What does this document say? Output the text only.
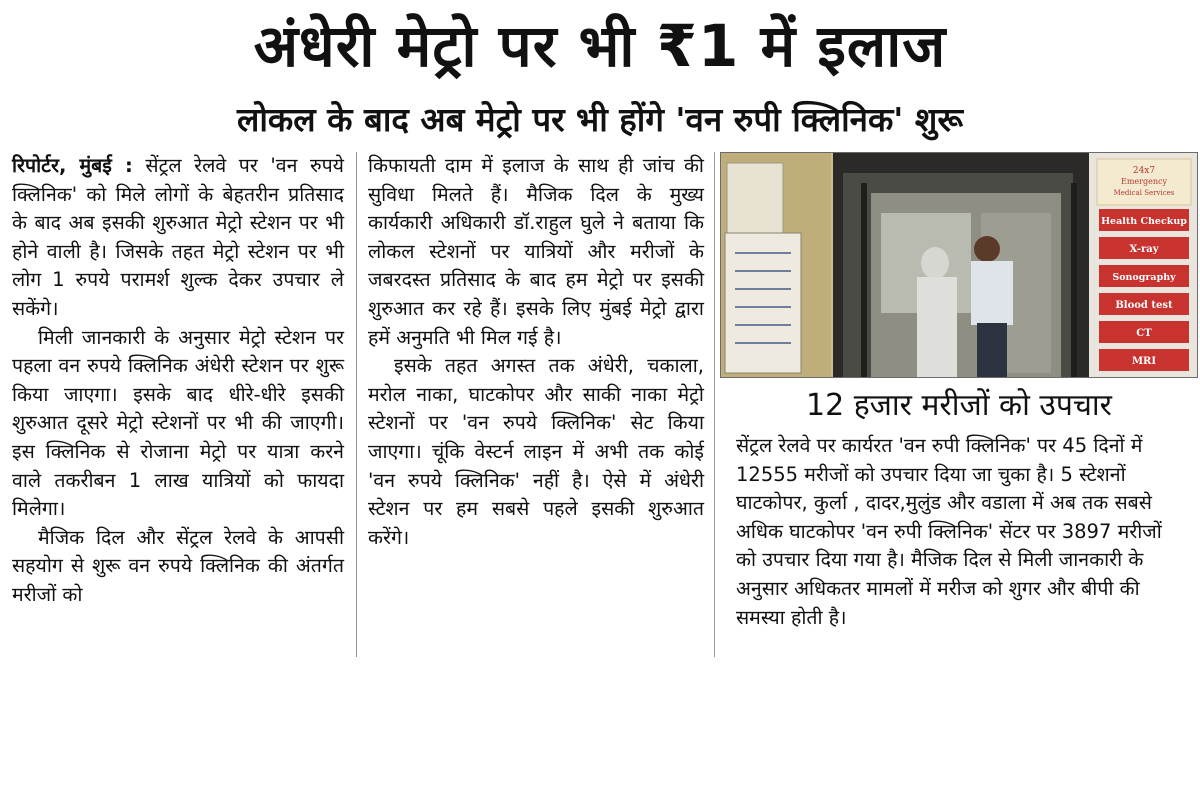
अंधेरी मेट्रो पर भी ₹1 में इलाज
लोकल के बाद अब मेट्रो पर भी होंगे 'वन रुपी क्लिनिक' शुरू

रिपोर्टर, मुंबई : सेंट्रल रेलवे पर 'वन रुपये क्लिनिक' को मिले लोगों के बेहतरीन प्रतिसाद के बाद अब इसकी शुरुआत मेट्रो स्टेशन पर भी होने वाली है। जिसके तहत मेट्रो स्टेशन पर भी लोग 1 रुपये परामर्श शुल्क देकर उपचार ले सकेंगे।

मिली जानकारी के अनुसार मेट्रो स्टेशन पर पहला वन रुपये क्लिनिक अंधेरी स्टेशन पर शुरू किया जाएगा। इसके बाद धीरे-धीरे इसकी शुरुआत दूसरे मेट्रो स्टेशनों पर भी की जाएगी। इस क्लिनिक से रोजाना मेट्रो पर यात्रा करने वाले तकरीबन 1 लाख यात्रियों को फायदा मिलेगा।

मैजिक दिल और सेंट्रल रेलवे के आपसी सहयोग से शुरू वन रुपये क्लिनिक की अंतर्गत मरीजों को

किफायती दाम में इलाज के साथ ही जांच की सुविधा मिलते हैं। मैजिक दिल के मुख्य कार्यकारी अधिकारी डॉ.राहुल घुले ने बताया कि लोकल स्टेशनों पर यात्रियों और मरीजों के जबरदस्त प्रतिसाद के बाद हम मेट्रो पर इसकी शुरुआत कर रहे हैं। इसके लिए मुंबई मेट्रो द्वारा हमें अनुमति भी मिल गई है।

इसके तहत अगस्त तक अंधेरी, चकाला, मरोल नाका, घाटकोपर और साकी नाका मेट्रो स्टेशनों पर 'वन रुपये क्लिनिक' सेट किया जाएगा। चूंकि वेस्टर्न लाइन में अभी तक कोई 'वन रुपये क्लिनिक' नहीं है। ऐसे में अंधेरी स्टेशन पर हम सबसे पहले इसकी शुरुआत करेंगे।

24x7
Emergency
Medical Services
Health Checkup
X-ray
Sonography
Blood test
CT
MRI
12 हजार मरीजों को उपचार

सेंट्रल रेलवे पर कार्यरत 'वन रुपी क्लिनिक' पर 45 दिनों में 12555 मरीजों को उपचार दिया जा चुका है। 5 स्टेशनों घाटकोपर, कुर्ला , दादर,मुलुंड और वडाला में अब तक सबसे अधिक घाटकोपर 'वन रुपी क्लिनिक' सेंटर पर 3897 मरीजों को उपचार दिया गया है। मैजिक दिल से मिली जानकारी के अनुसार अधिकतर मामलों में मरीज को शुगर और बीपी की समस्या होती है।
